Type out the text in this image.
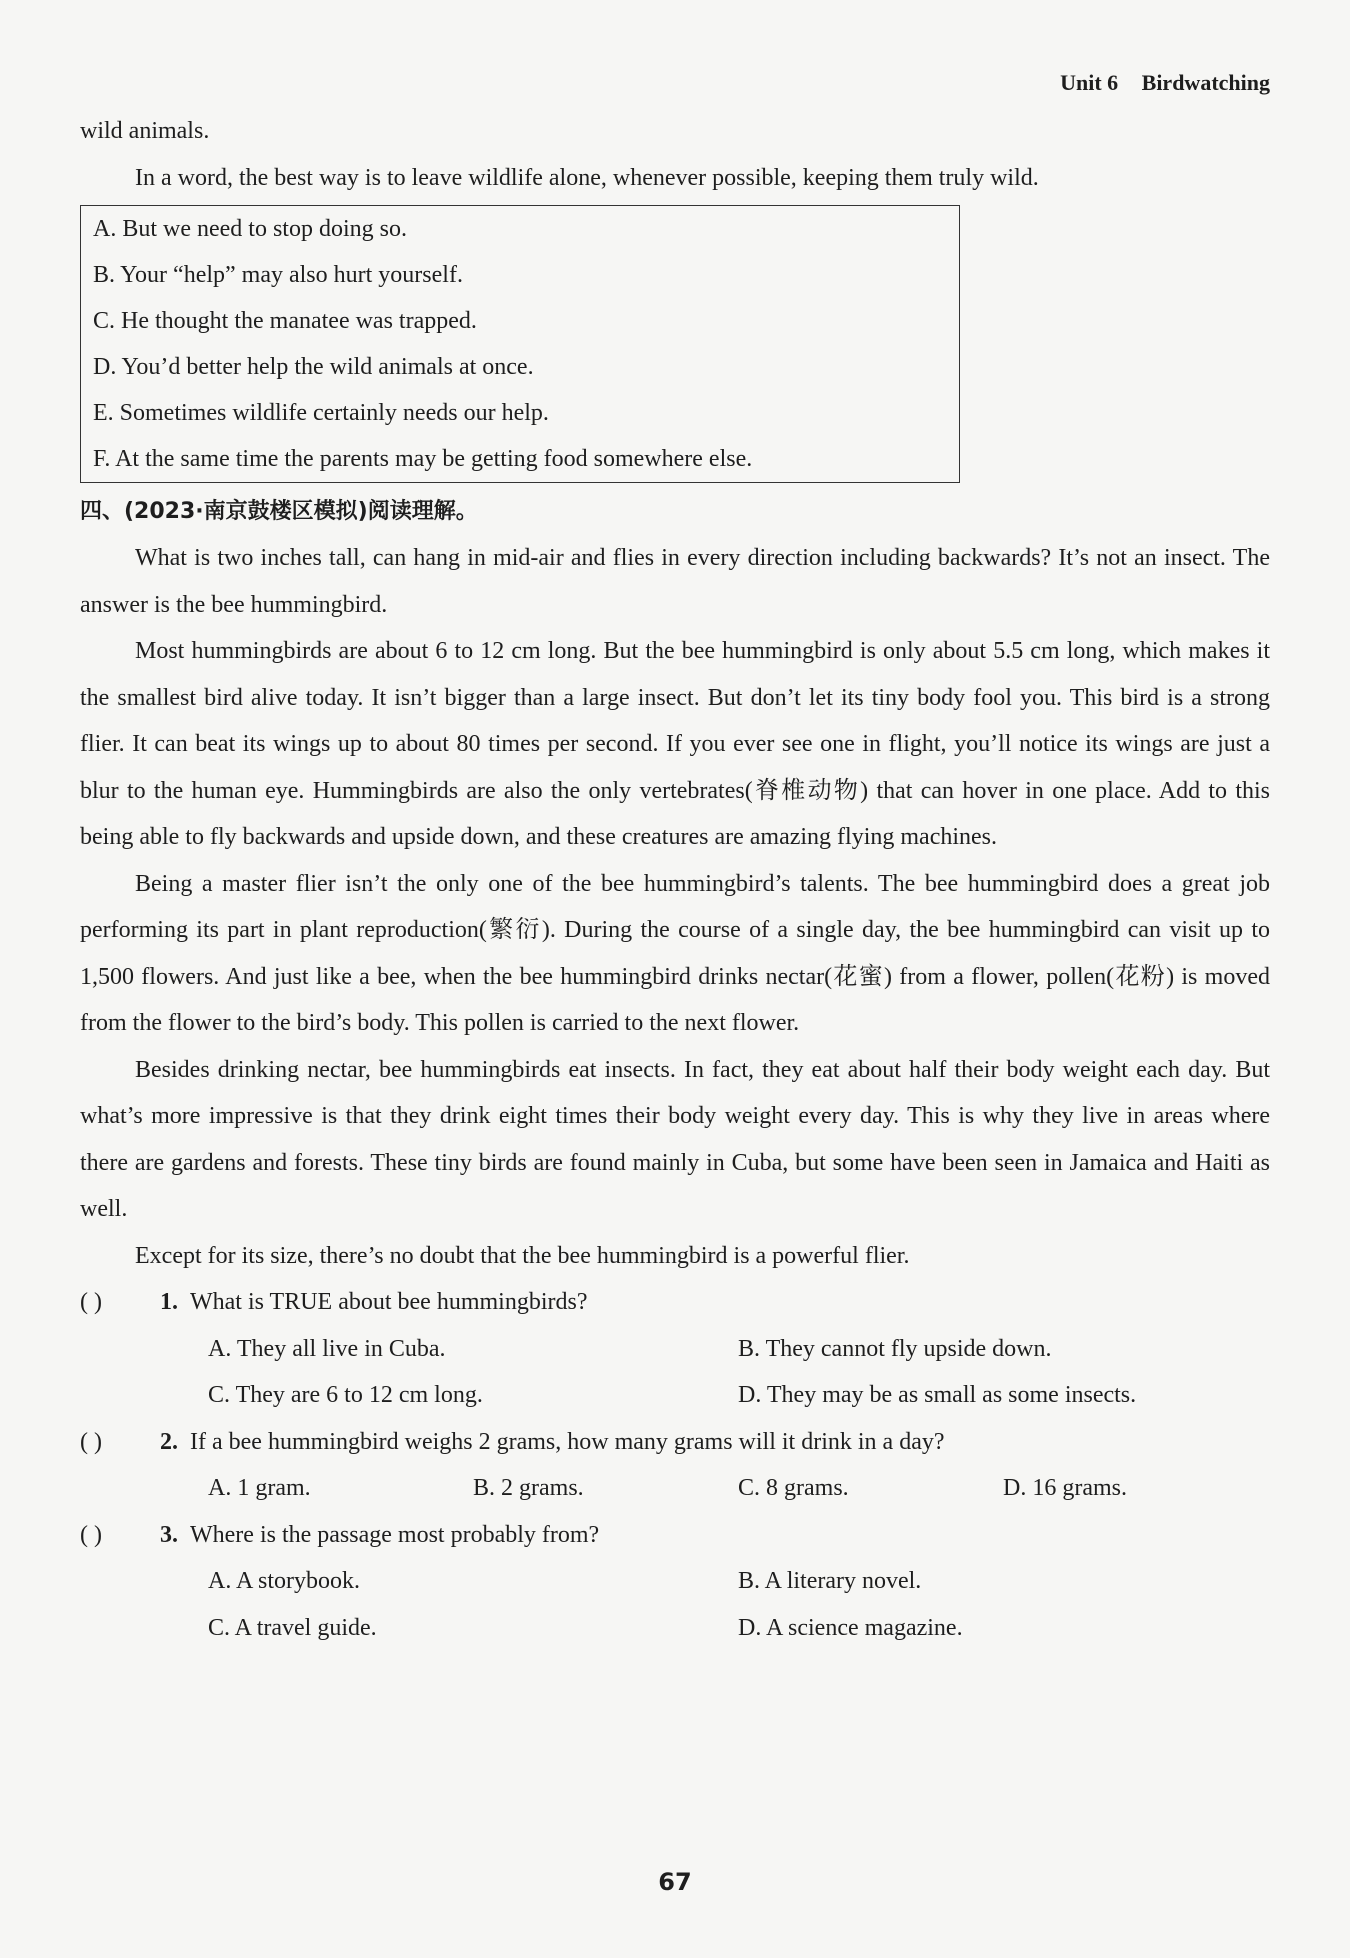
Unit 6 Birdwatching
wild animals.
In a word, the best way is to leave wildlife alone, whenever possible, keeping them truly wild.
A. But we need to stop doing so.
B. Your “help” may also hurt yourself.
C. He thought the manatee was trapped.
D. You’d better help the wild animals at once.
E. Sometimes wildlife certainly needs our help.
F. At the same time the parents may be getting food somewhere else.
四、(2023·南京鼓楼区模拟)阅读理解。
What is two inches tall, can hang in mid-air and flies in every direction including backwards? It’s not an insect. The answer is the bee hummingbird.
Most hummingbirds are about 6 to 12 cm long. But the bee hummingbird is only about 5.5 cm long, which makes it the smallest bird alive today. It isn’t bigger than a large insect. But don’t let its tiny body fool you. This bird is a strong flier. It can beat its wings up to about 80 times per second. If you ever see one in flight, you’ll notice its wings are just a blur to the human eye. Hummingbirds are also the only vertebrates(脊椎动物) that can hover in one place. Add to this being able to fly backwards and upside down, and these creatures are amazing flying machines.
Being a master flier isn’t the only one of the bee hummingbird’s talents. The bee hummingbird does a great job performing its part in plant reproduction(繁衍). During the course of a single day, the bee hummingbird can visit up to 1,500 flowers. And just like a bee, when the bee hummingbird drinks nectar(花蜜) from a flower, pollen(花粉) is moved from the flower to the bird’s body. This pollen is carried to the next flower.
Besides drinking nectar, bee hummingbirds eat insects. In fact, they eat about half their body weight each day. But what’s more impressive is that they drink eight times their body weight every day. This is why they live in areas where there are gardens and forests. These tiny birds are found mainly in Cuba, but some have been seen in Jamaica and Haiti as well.
Except for its size, there’s no doubt that the bee hummingbird is a powerful flier.
( ) 1. What is TRUE about bee hummingbirds?
A. They all live in Cuba.	B. They cannot fly upside down.
C. They are 6 to 12 cm long.	D. They may be as small as some insects.
( ) 2. If a bee hummingbird weighs 2 grams, how many grams will it drink in a day?
A. 1 gram.	B. 2 grams.	C. 8 grams.	D. 16 grams.
( ) 3. Where is the passage most probably from?
A. A storybook.	B. A literary novel.
C. A travel guide.	D. A science magazine.
67
